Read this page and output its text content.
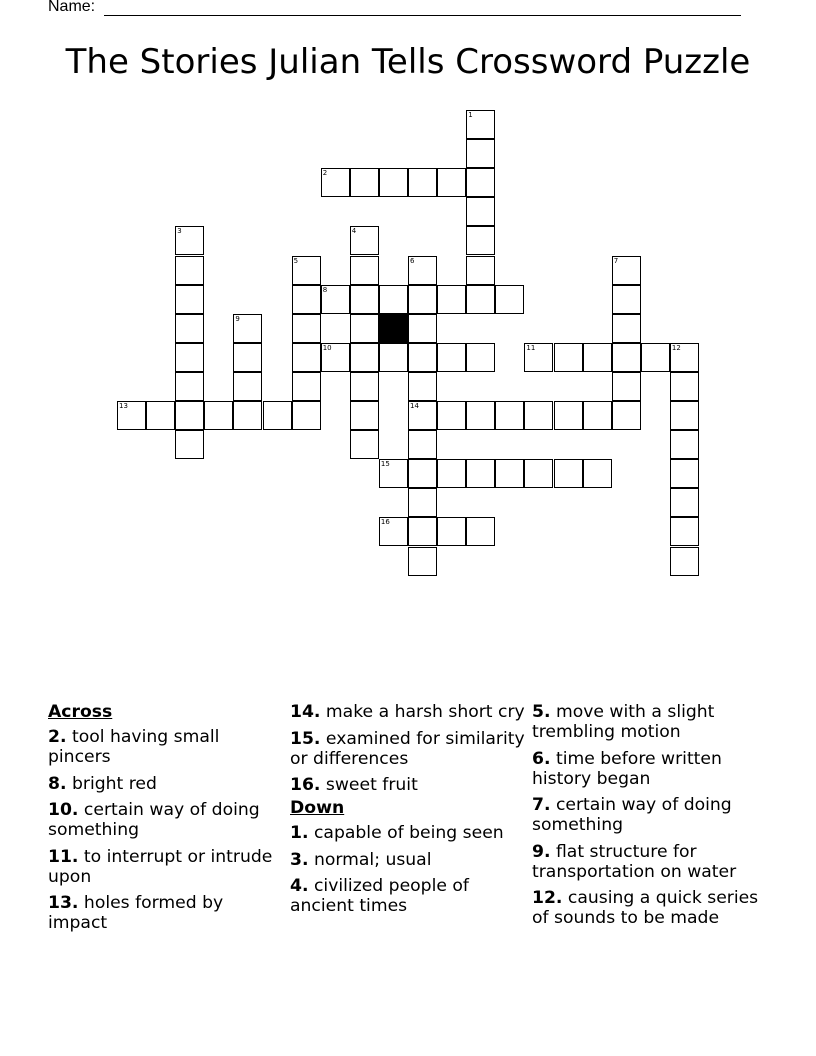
Name:
The Stories Julian Tells Crossword Puzzle
2
8
10	11	12
13	14
15
16
1
3	4
5	6	7
9
Across
2. tool having small pincers
8. bright red
10. certain way of doing something
11. to interrupt or intrude upon
13. holes formed by impact
14. make a harsh short cry
15. examined for similarity or differences
16. sweet fruit
Down
1. capable of being seen
3. normal; usual
4. civilized people of ancient times
5. move with a slight trembling motion
6. time before written history began
7. certain way of doing something
9. flat structure for transportation on water
12. causing a quick series of sounds to be made
